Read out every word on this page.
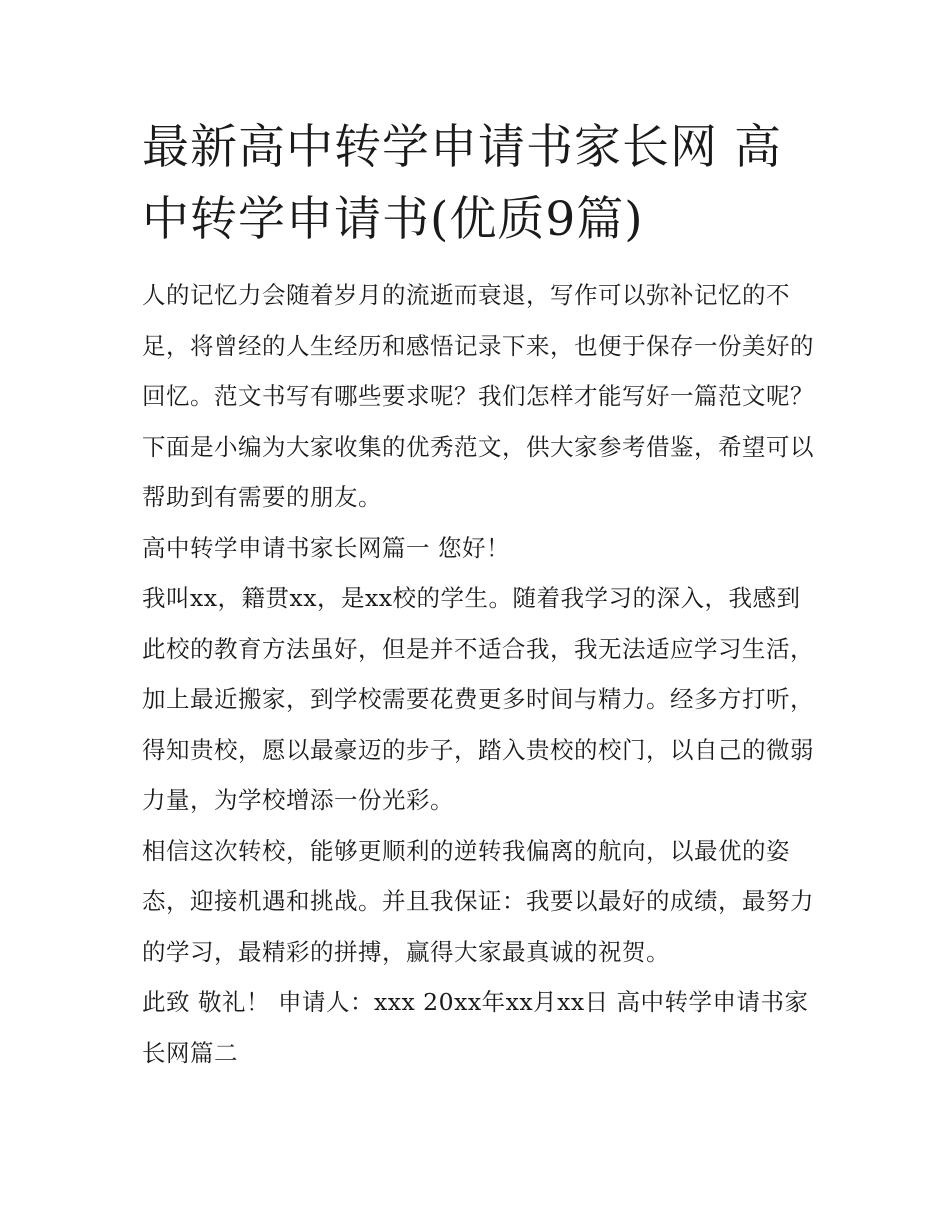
最新高中转学申请书家长网 高中转学申请书(优质9篇)

人的记忆力会随着岁月的流逝而衰退，写作可以弥补记忆的不足，将曾经的人生经历和感悟记录下来，也便于保存一份美好的回忆。范文书写有哪些要求呢？我们怎样才能写好一篇范文呢？下面是小编为大家收集的优秀范文，供大家参考借鉴，希望可以帮助到有需要的朋友。

高中转学申请书家长网篇一 您好！

我叫xx，籍贯xx，是xx校的学生。随着我学习的深入，我感到此校的教育方法虽好，但是并不适合我，我无法适应学习生活，加上最近搬家，到学校需要花费更多时间与精力。经多方打听，得知贵校，愿以最豪迈的步子，踏入贵校的校门，以自己的微弱力量，为学校增添一份光彩。

相信这次转校，能够更顺利的逆转我偏离的航向，以最优的姿态，迎接机遇和挑战。并且我保证：我要以最好的成绩，最努力的学习，最精彩的拼搏，赢得大家最真诚的祝贺。

此致 敬礼！ 申请人：xxx 20xx年xx月xx日 高中转学申请书家长网篇二
